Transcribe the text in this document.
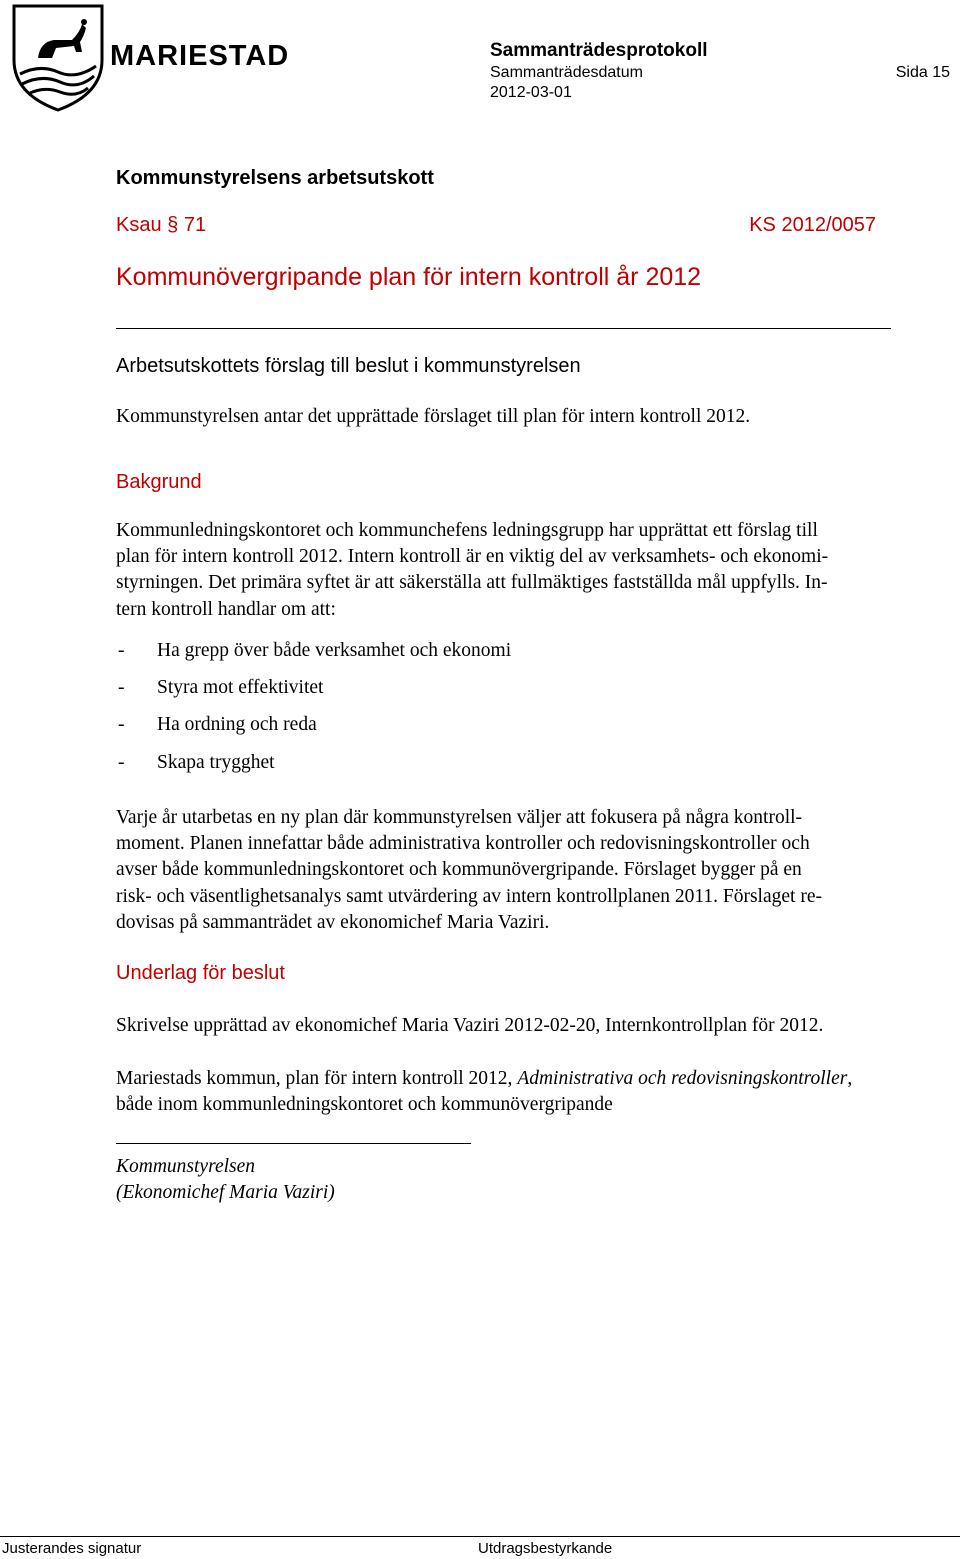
MARIESTAD	Sammanträdesprotokoll
Sammanträdesdatum
2012-03-01
Sida 15
Kommunstyrelsens arbetsutskott
Ksau § 71	KS 2012/0057
Kommunövergripande plan för intern kontroll år 2012
Arbetsutskottets förslag till beslut i kommunstyrelsen
Kommunstyrelsen antar det upprättade förslaget till plan för intern kontroll 2012.
Bakgrund
Kommunledningskontoret och kommunchefens ledningsgrupp har upprättat ett förslag till
plan för intern kontroll 2012. Intern kontroll är en viktig del av verksamhets- och ekonomi-
styrningen. Det primära syftet är att säkerställa att fullmäktiges fastställda mål uppfylls. In-
tern kontroll handlar om att:
- Ha grepp över både verksamhet och ekonomi
- Styra mot effektivitet
- Ha ordning och reda
- Skapa trygghet
Varje år utarbetas en ny plan där kommunstyrelsen väljer att fokusera på några kontroll-
moment. Planen innefattar både administrativa kontroller och redovisningskontroller och
avser både kommunledningskontoret och kommunövergripande. Förslaget bygger på en
risk- och väsentlighetsanalys samt utvärdering av intern kontrollplanen 2011. Förslaget re-
dovisas på sammanträdet av ekonomichef Maria Vaziri.
Underlag för beslut
Skrivelse upprättad av ekonomichef Maria Vaziri 2012-02-20, Internkontrollplan för 2012.
Mariestads kommun, plan för intern kontroll 2012, Administrativa och redovisningskontroller,
både inom kommunledningskontoret och kommunövergripande
Kommunstyrelsen
(Ekonomichef Maria Vaziri)
Justerandes signatur	Utdragsbestyrkande
